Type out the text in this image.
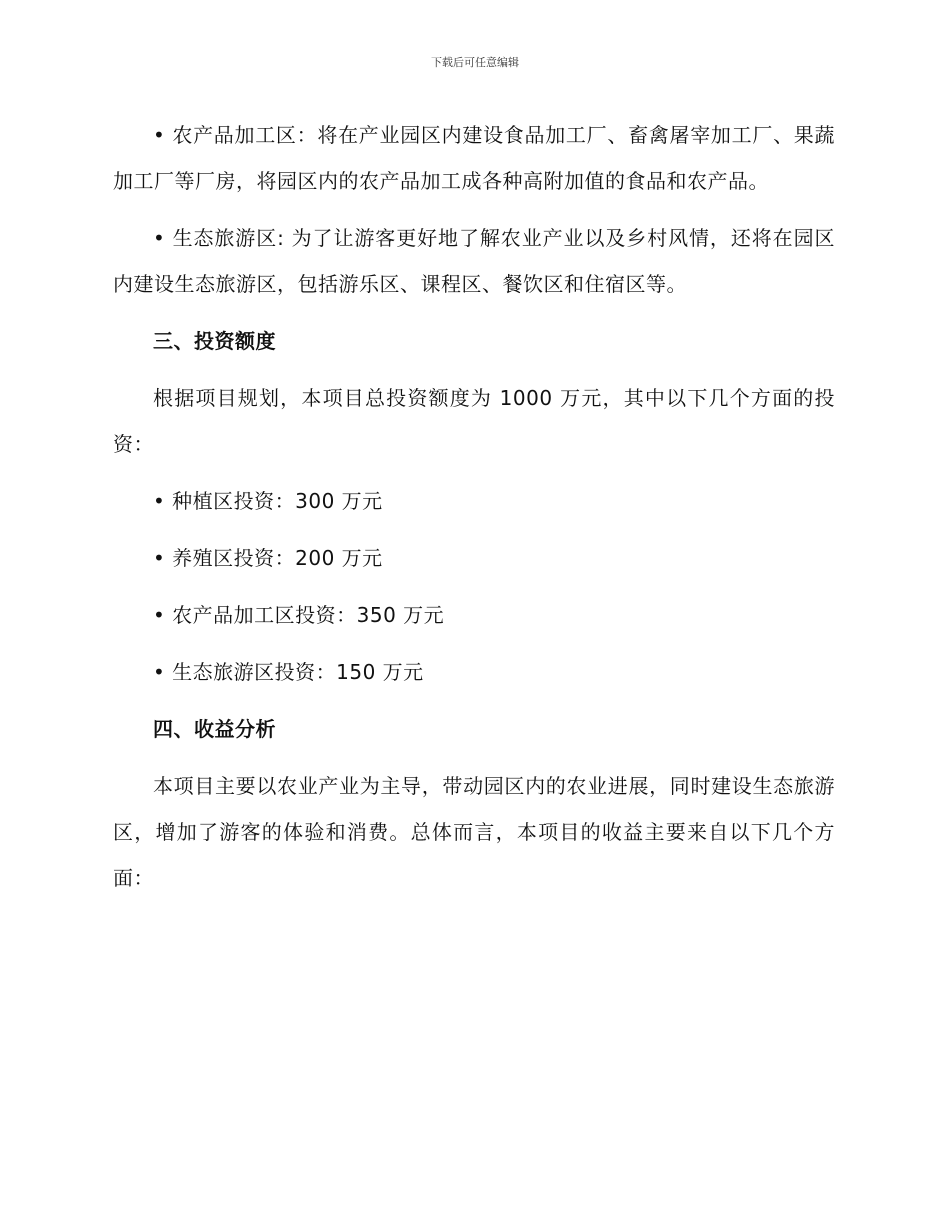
下载后可任意编辑

• 农产品加工区：将在产业园区内建设食品加工厂、畜禽屠宰加工厂、果蔬加工厂等厂房，将园区内的农产品加工成各种高附加值的食品和农产品。

• 生态旅游区: 为了让游客更好地了解农业产业以及乡村风情，还将在园区内建设生态旅游区，包括游乐区、课程区、餐饮区和住宿区等。

三、投资额度

根据项目规划，本项目总投资额度为 1000 万元，其中以下几个方面的投资：

• 种植区投资：300 万元

• 养殖区投资：200 万元

• 农产品加工区投资：350 万元

• 生态旅游区投资：150 万元

四、收益分析

本项目主要以农业产业为主导，带动园区内的农业进展，同时建设生态旅游区，增加了游客的体验和消费。总体而言，本项目的收益主要来自以下几个方面：
